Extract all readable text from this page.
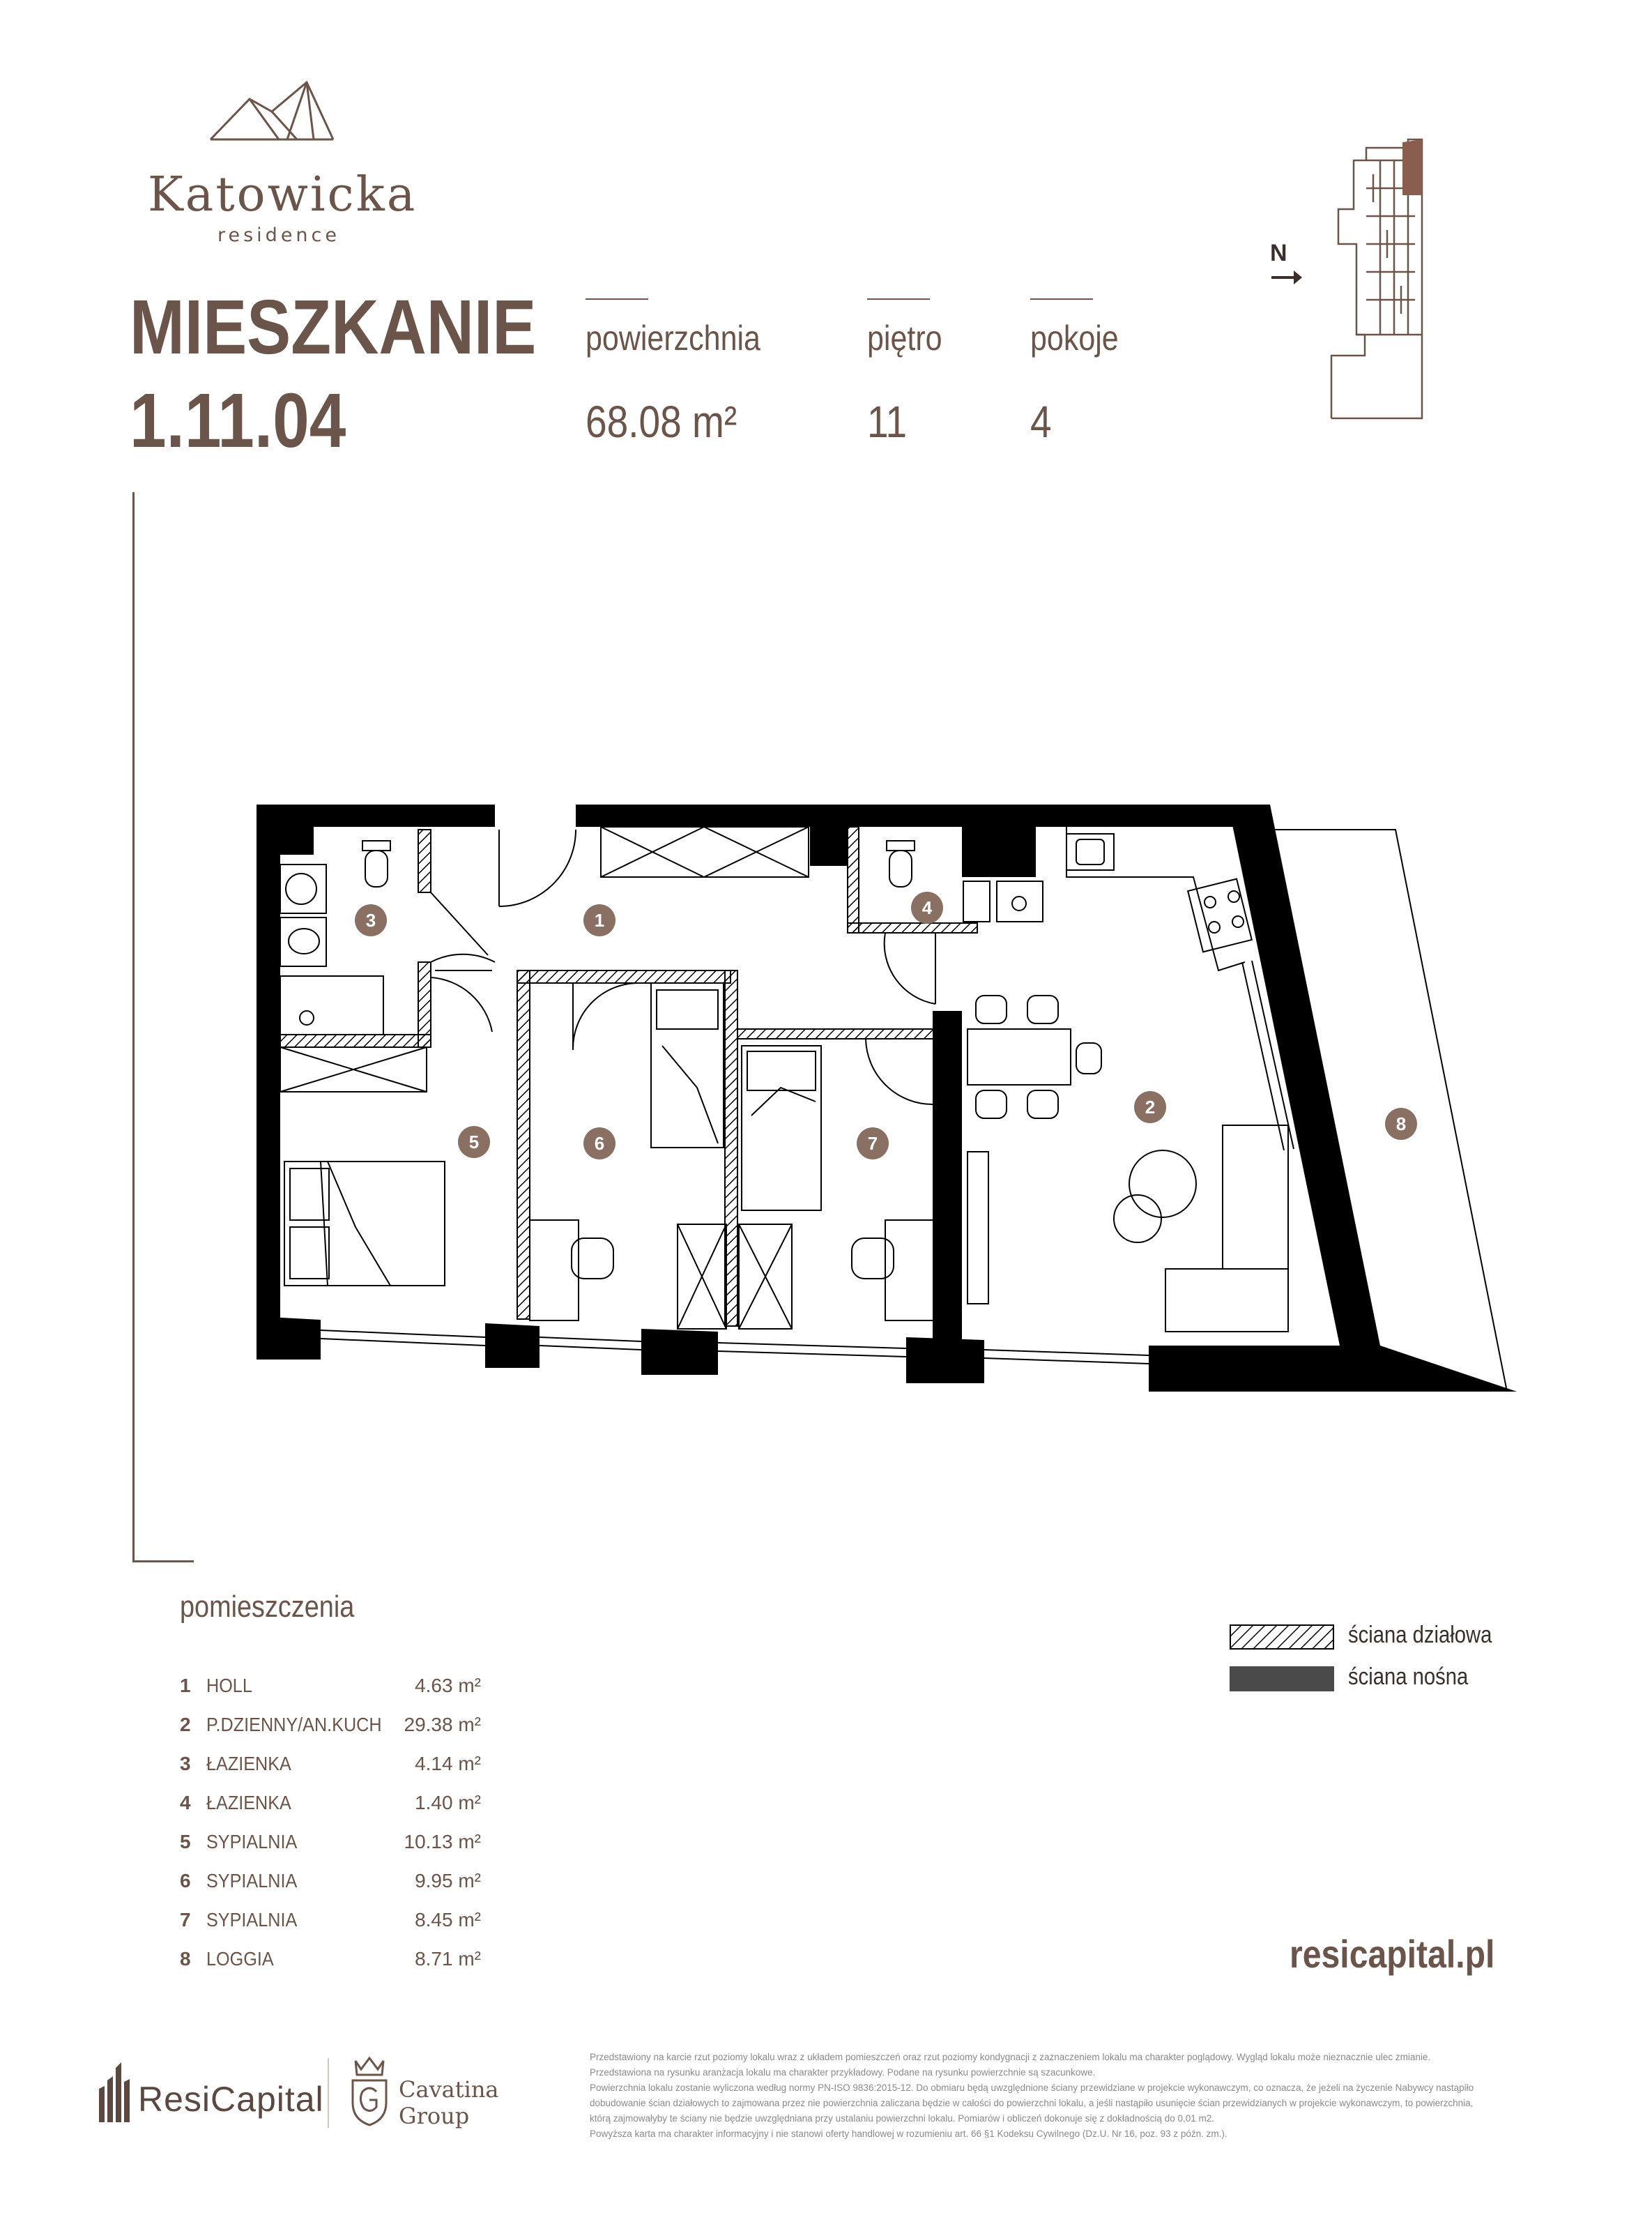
Katowicka
residence
MIESZKANIE
1.11.04
powierzchnia
68.08 m²
piętro
11
pokoje
4
N
1
2
3
4
5	6	7
8
pomieszczenia
1 HOLL	4.63 m²
2 P.DZIENNY/AN.KUCH	29.38 m²
3 ŁAZIENKA	4.14 m²
4 ŁAZIENKA	1.40 m²
5 SYPIALNIA	10.13 m²
6 SYPIALNIA	9.95 m²
7 SYPIALNIA	8.45 m²
8 LOGGIA	8.71 m²
ściana działowa
ściana nośna
resicapital.pl
ResiCapital	Cavatina
Group

Przedstawiony na karcie rzut poziomy lokalu wraz z układem pomieszczeń oraz rzut poziomy kondygnacji z zaznaczeniem lokalu ma charakter poglądowy. Wygląd lokalu może nieznacznie ulec zmianie.

Przedstawiona na rysunku aranżacja lokalu ma charakter przykładowy. Podane na rysunku powierzchnie są szacunkowe.

Powierzchnia lokalu zostanie wyliczona według normy PN-ISO 9836:2015-12. Do obmiaru będą uwzględnione ściany przewidziane w projekcie wykonawczym, co oznacza, że jeżeli na życzenie Nabywcy nastąpiło dobudowanie ścian działowych to zajmowana przez nie powierzchnia zaliczana będzie w całości do powierzchni lokalu, a jeśli nastąpiło usunięcie ścian przewidzianych w projekcie wykonawczym, to powierzchnia, którą zajmowałyby te ściany nie będzie uwzględniana przy ustalaniu powierzchni lokalu. Pomiarów i obliczeń dokonuje się z dokładnością do 0,01 m2.

Powyższa karta ma charakter informacyjny i nie stanowi oferty handlowej w rozumieniu art. 66 §1 Kodeksu Cywilnego (Dz.U. Nr 16, poz. 93 z późn. zm.).
